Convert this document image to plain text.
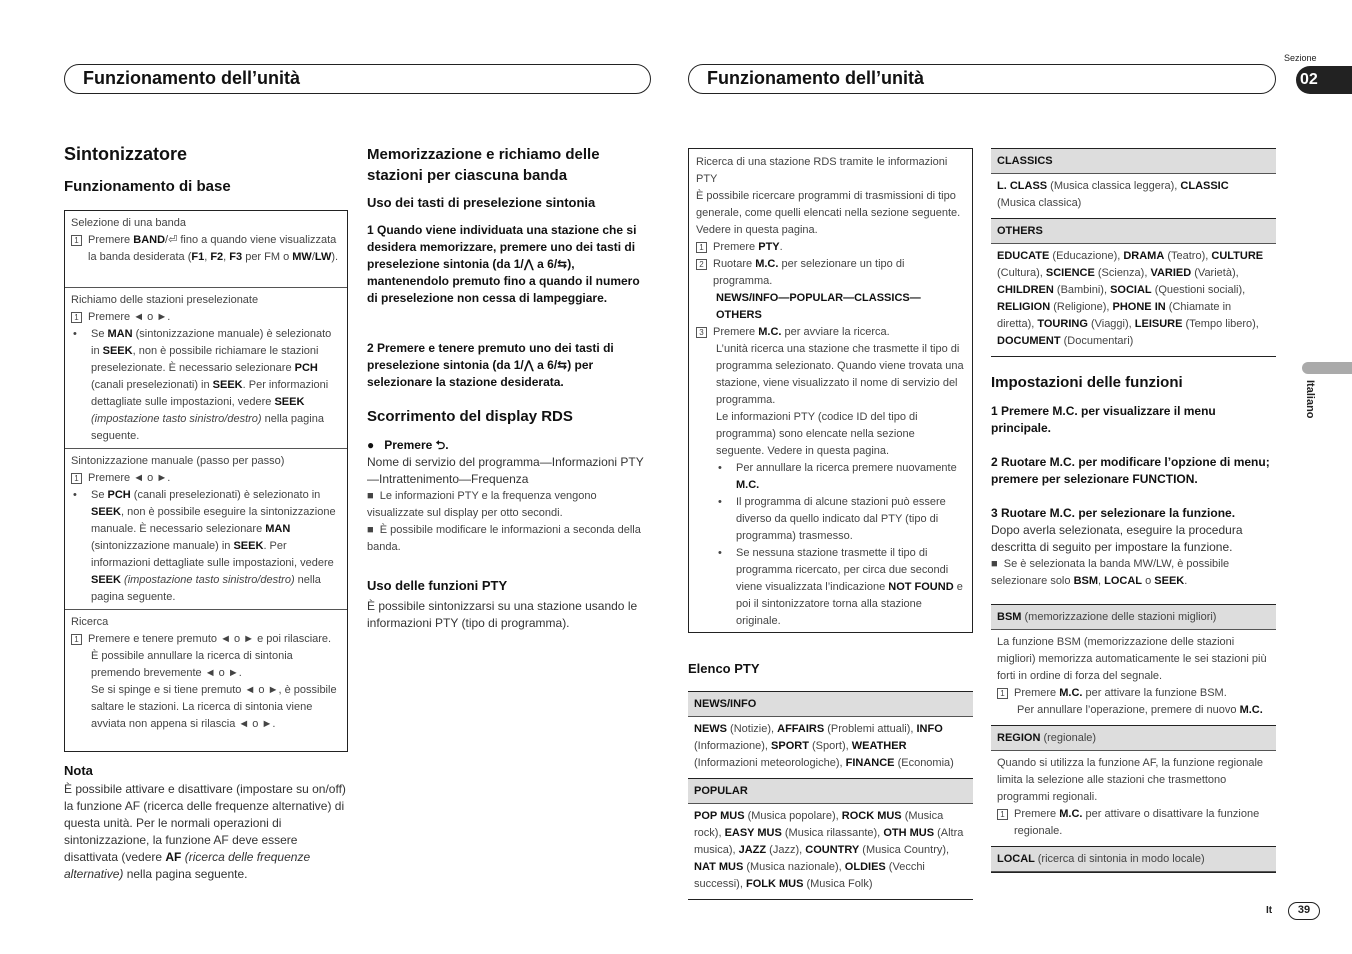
Funzionamento dell’unità	Funzionamento dell’unità
Sezione
02
Italiano
It	39
Sintonizzatore
Funzionamento di base
Selezione di una banda
1 Premere BAND/⏎ fino a quando viene visualizzata la banda desiderata (F1, F2, F3 per FM o MW/LW).
Richiamo delle stazioni preselezionate
1 Premere ◄ o ►.
•	Se MAN (sintonizzazione manuale) è selezionato in SEEK, non è possibile richiamare le stazioni preselezionate. È necessario selezionare PCH (canali preselezionati) in SEEK. Per informazioni dettagliate sulle impostazioni, vedere SEEK (impostazione tasto sinistro/destro) nella pagina seguente.
Sintonizzazione manuale (passo per passo)
1 Premere ◄ o ►.
•	Se PCH (canali preselezionati) è selezionato in SEEK, non è possibile eseguire la sintonizzazione manuale. È necessario selezionare MAN (sintonizzazione manuale) in SEEK. Per informazioni dettagliate sulle impostazioni, vedere SEEK (impostazione tasto sinistro/destro) nella pagina seguente.
Ricerca
1 Premere e tenere premuto ◄ o ► e poi rilasciare.
È possibile annullare la ricerca di sintonia premendo brevemente ◄ o ►.
Se si spinge e si tiene premuto ◄ o ►, è possibile saltare le stazioni. La ricerca di sintonia viene avviata non appena si rilascia ◄ o ►.
Nota
È possibile attivare e disattivare (impostare su on/off) la funzione AF (ricerca delle frequenze alternative) di questa unità. Per le normali operazioni di sintonizzazione, la funzione AF deve essere disattivata (vedere AF (ricerca delle frequenze alternative) nella pagina seguente.
Memorizzazione e richiamo delle stazioni per ciascuna banda
Uso dei tasti di preselezione sintonia
1 Quando viene individuata una stazione che si desidera memorizzare, premere uno dei tasti di preselezione sintonia (da 1/⋀ a 6/⇆), mantenendolo premuto fino a quando il numero di preselezione non cessa di lampeggiare.
2 Premere e tenere premuto uno dei tasti di preselezione sintonia (da 1/⋀ a 6/⇆) per selezionare la stazione desiderata.
Scorrimento del display RDS
●   Premere ⮌.
Nome di servizio del programma—Informazioni PTY—Intrattenimento—Frequenza
■  Le informazioni PTY e la frequenza vengono visualizzate sul display per otto secondi.
■  È possibile modificare le informazioni a seconda della banda.
Uso delle funzioni PTY
È possibile sintonizzarsi su una stazione usando le informazioni PTY (tipo di programma).
Ricerca di una stazione RDS tramite le informazioni PTY
È possibile ricercare programmi di trasmissioni di tipo generale, come quelli elencati nella sezione seguente. Vedere in questa pagina.
1 Premere PTY.
2 Ruotare M.C. per selezionare un tipo di programma.
NEWS/INFO—POPULAR—CLASSICS—OTHERS
3 Premere M.C. per avviare la ricerca.
L’unità ricerca una stazione che trasmette il tipo di programma selezionato. Quando viene trovata una stazione, viene visualizzato il nome di servizio del programma.
Le informazioni PTY (codice ID del tipo di programma) sono elencate nella sezione seguente. Vedere in questa pagina.
•	Per annullare la ricerca premere nuovamente M.C.
•	Il programma di alcune stazioni può essere diverso da quello indicato dal PTY (tipo di programma) trasmesso.
•	Se nessuna stazione trasmette il tipo di programma ricercato, per circa due secondi viene visualizzata l’indicazione NOT FOUND e poi il sintonizzatore torna alla stazione originale.
Elenco PTY
NEWS/INFO
NEWS (Notizie), AFFAIRS (Problemi attuali), INFO (Informazione), SPORT (Sport), WEATHER (Informazioni meteorologiche), FINANCE (Economia)
POPULAR
POP MUS (Musica popolare), ROCK MUS (Musica rock), EASY MUS (Musica rilassante), OTH MUS (Altra musica), JAZZ (Jazz), COUNTRY (Musica Country), NAT MUS (Musica nazionale), OLDIES (Vecchi successi), FOLK MUS (Musica Folk)
CLASSICS
L. CLASS (Musica classica leggera), CLASSIC (Musica classica)
OTHERS
EDUCATE (Educazione), DRAMA (Teatro), CULTURE (Cultura), SCIENCE (Scienza), VARIED (Varietà), CHILDREN (Bambini), SOCIAL (Questioni sociali), RELIGION (Religione), PHONE IN (Chiamate in diretta), TOURING (Viaggi), LEISURE (Tempo libero), DOCUMENT (Documentari)
Impostazioni delle funzioni
1 Premere M.C. per visualizzare il menu principale.
2 Ruotare M.C. per modificare l’opzione di menu; premere per selezionare FUNCTION.
3 Ruotare M.C. per selezionare la funzione.
Dopo averla selezionata, eseguire la procedura descritta di seguito per impostare la funzione.
■  Se è selezionata la banda MW/LW, è possibile selezionare solo BSM, LOCAL o SEEK.
BSM (memorizzazione delle stazioni migliori)
La funzione BSM (memorizzazione delle stazioni migliori) memorizza automaticamente le sei stazioni più forti in ordine di forza del segnale.
1 Premere M.C. per attivare la funzione BSM.
Per annullare l’operazione, premere di nuovo M.C.
REGION (regionale)
Quando si utilizza la funzione AF, la funzione regionale limita la selezione alle stazioni che trasmettono programmi regionali.
1 Premere M.C. per attivare o disattivare la funzione regionale.
LOCAL (ricerca di sintonia in modo locale)
